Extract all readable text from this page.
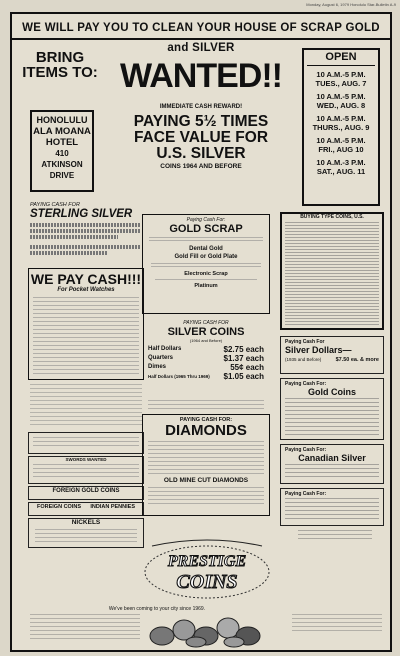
Monday, August 6, 1979 Honolulu Star-Bulletin A-9
WE WILL PAY YOU TO CLEAN YOUR HOUSE OF SCRAP GOLD and SILVER
BRING
ITEMS TO:
HONOLULU
ALA MOANA
HOTEL
410
ATKINSON
DRIVE
WANTED!!
IMMEDIATE CASH REWARD!
PAYING 5½ TIMES
FACE VALUE FOR
U.S. SILVER
COINS 1964 AND BEFORE
OPEN
10 A.M.-5 P.M.
TUES., AUG. 7
10 A.M.-5 P.M.
WED., AUG. 8
10 A.M.-5 P.M.
THURS., AUG. 9
10 A.M.-5 P.M.
FRI., AUG 10
10 A.M.-3 P.M.
SAT., AUG. 11
PAYING CASH FOR
STERLING SILVER
WE PAY CASH!!!
For Pocket Watches
SWORDS WANTED
FOREIGN GOLD COINS
FOREIGN COINS INDIAN PENNIES
NICKELS
Paying Cash For:
GOLD SCRAP
Dental Gold
Gold Fill or Gold Plate
Electronic Scrap
Platinum
PAYING CASH FOR
SILVER COINS
(1964 and Before)
Half Dollars	$2.75 each
Quarters	$1.37 each
Dimes	55¢ each
Half Dollars (1965 Thru 1969) $1.05 each
PAYING CASH FOR:
DIAMONDS
OLD MINE CUT DIAMONDS
BUYING TYPE COINS, U.S.
Paying Cash For
Silver Dollars—
(1935 and Before)	$7.50 ea. & more
Paying Cash For:
Gold Coins
Paying Cash For:
Canadian Silver
Paying Cash For:
PRESTIGE
COINS
We've been coming to your city since 1969.
